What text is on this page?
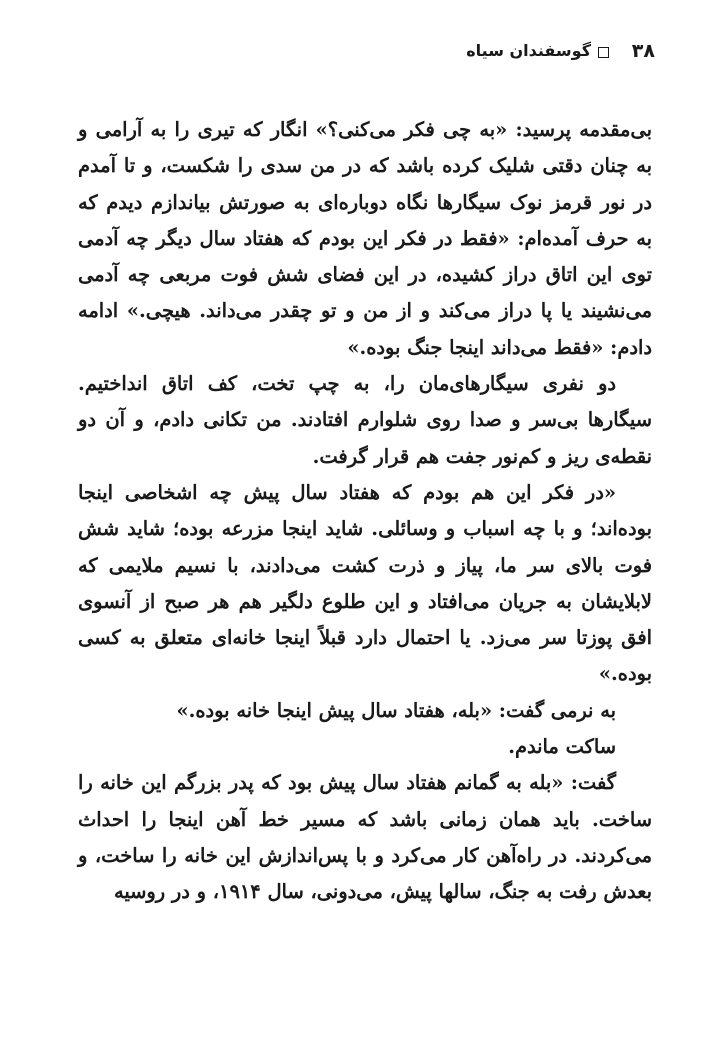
۳۸
گوسفندان سیاه

بی‌مقدمه پرسید: «به چی فکر می‌کنی؟» انگار که تیری را به آرامی و به چنان دقتی شلیک کرده باشد که در من سدی را شکست، و تا آمدم در نور قرمز نوک سیگارها نگاه دوباره‌ای به صورتش بیاندازم دیدم که به حرف آمده‌ام: «فقط در فکر این بودم که هفتاد سال دیگر چه آدمی توی این اتاق دراز کشیده، در این فضای شش فوت مربعی چه آدمی می‌نشیند یا پا دراز می‌کند و از من و تو چقدر می‌داند. هیچی.» ادامه دادم: «فقط می‌داند اینجا جنگ بوده.»

دو نفری سیگارهای‌مان را، به چپ تخت، کف اتاق انداختیم. سیگارها بی‌سر و صدا روی شلوارم افتادند. من تکانی دادم، و آن دو نقطه‌ی ریز و کم‌نور جفت هم قرار گرفت.

«در فکر این هم بودم که هفتاد سال پیش چه اشخاصی اینجا بوده‌اند؛ و با چه اسباب و وسائلی. شاید اینجا مزرعه بوده؛ شاید شش فوت بالای سر ما، پیاز و ذرت کشت می‌دادند، با نسیم ملایمی که لابلایشان به جریان می‌افتاد و این طلوع دلگیر هم هر صبح از آنسوی افق پوزتا سر می‌زد. یا احتمال دارد قبلاً اینجا خانه‌ای متعلق به کسی بوده.»

به نرمی گفت: «بله، هفتاد سال پیش اینجا خانه بوده.»

ساکت ماندم.

گفت: «بله به گمانم هفتاد سال پیش بود که پدر بزرگم این خانه را ساخت. باید همان زمانی باشد که مسیر خط آهن اینجا را احداث می‌کردند. در راه‌آهن کار می‌کرد و با پس‌اندازش این خانه را ساخت، و بعدش رفت به جنگ، سالها پیش، می‌دونی، سال ۱۹۱۴، و در روسیه
